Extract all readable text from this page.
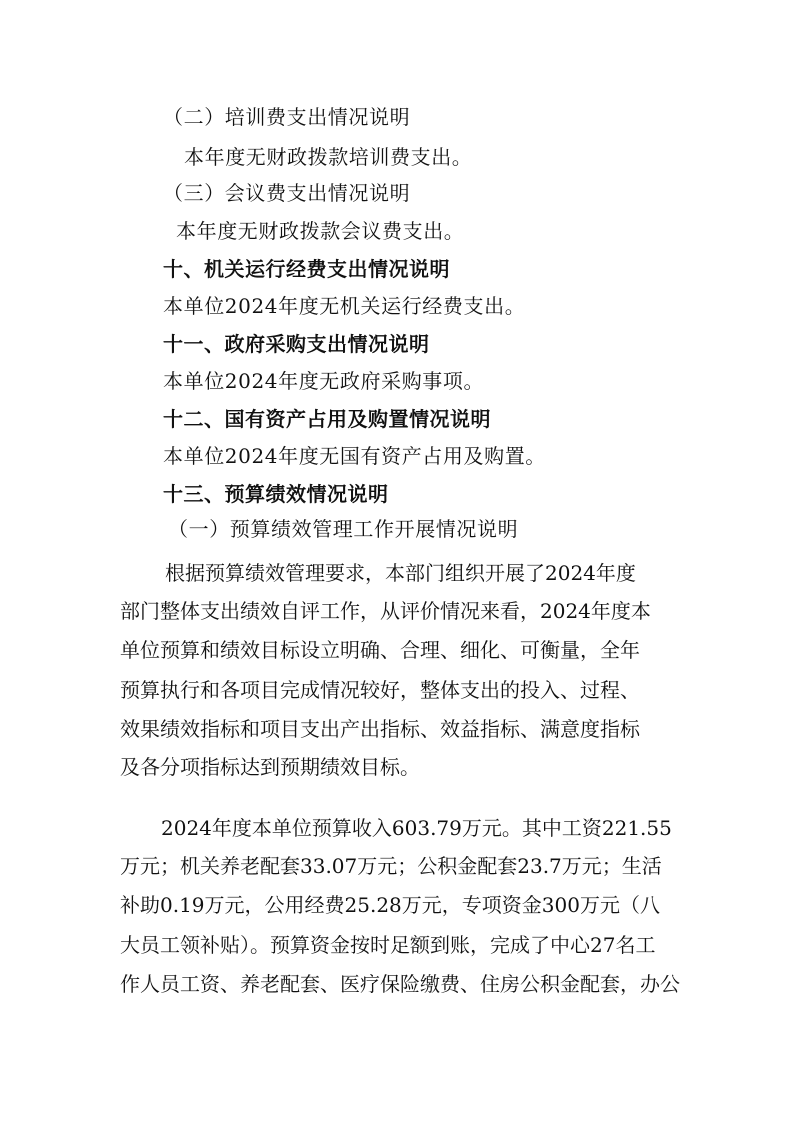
（二）培训费支出情况说明
本年度无财政拨款培训费支出。
（三）会议费支出情况说明
本年度无财政拨款会议费支出。
十、机关运行经费支出情况说明
本单位2024年度无机关运行经费支出。
十一、政府采购支出情况说明
本单位2024年度无政府采购事项。
十二、国有资产占用及购置情况说明
本单位2024年度无国有资产占用及购置。
十三、预算绩效情况说明
（一）预算绩效管理工作开展情况说明
根据预算绩效管理要求，本部门组织开展了2024年度
部门整体支出绩效自评工作，从评价情况来看，2024年度本
单位预算和绩效目标设立明确、合理、细化、可衡量，全年
预算执行和各项目完成情况较好，整体支出的投入、过程、
效果绩效指标和项目支出产出指标、效益指标、满意度指标
及各分项指标达到预期绩效目标。
2024年度本单位预算收入603.79万元。其中工资221.55
万元；机关养老配套33.07万元；公积金配套23.7万元；生活
补助0.19万元，公用经费25.28万元，专项资金300万元（八
大员工领补贴）。预算资金按时足额到账，完成了中心27名工
作人员工资、养老配套、医疗保险缴费、住房公积金配套，办公
